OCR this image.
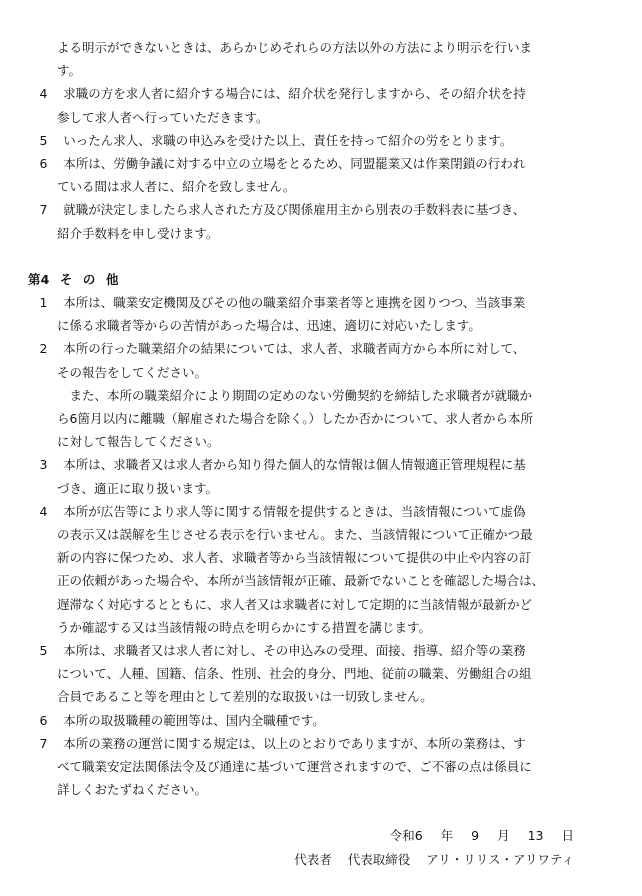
よる明示ができないときは、あらかじめそれらの方法以外の方法により明示を行いま
す。
4	求職の方を求人者に紹介する場合には、紹介状を発行しますから、その紹介状を持
参して求人者へ行っていただきます。
5	いったん求人、求職の申込みを受けた以上、責任を持って紹介の労をとります。
6	本所は、労働争議に対する中立の立場をとるため、同盟罷業又は作業閉鎖の行われ
ている間は求人者に、紹介を致しません。
7	就職が決定しましたら求人された方及び関係雇用主から別表の手数料表に基づき、
紹介手数料を申し受けます。
第4 そ の 他
1	本所は、職業安定機関及びその他の職業紹介事業者等と連携を図りつつ、当該事業
に係る求職者等からの苦情があった場合は、迅速、適切に対応いたします。
2	本所の行った職業紹介の結果については、求人者、求職者両方から本所に対して、
その報告をしてください。
また、本所の職業紹介により期間の定めのない労働契約を締結した求職者が就職か
ら6箇月以内に離職（解雇された場合を除く。）したか否かについて、求人者から本所
に対して報告してください。
3	本所は、求職者又は求人者から知り得た個人的な情報は個人情報適正管理規程に基
づき、適正に取り扱います。
4	本所が広告等により求人等に関する情報を提供するときは、当該情報について虚偽
の表示又は誤解を生じさせる表示を行いません。また、当該情報について正確かつ最
新の内容に保つため、求人者、求職者等から当該情報について提供の中止や内容の訂
正の依頼があった場合や、本所が当該情報が正確、最新でないことを確認した場合は、
遅滞なく対応するとともに、求人者又は求職者に対して定期的に当該情報が最新かど
うか確認する又は当該情報の時点を明らかにする措置を講じます。
5	本所は、求職者又は求人者に対し、その申込みの受理、面接、指導、紹介等の業務
について、人種、国籍、信条、性別、社会的身分、門地、従前の職業、労働組合の組
合員であること等を理由として差別的な取扱いは一切致しません。
6	本所の取扱職種の範囲等は、国内全職種です。
7	本所の業務の運営に関する規定は、以上のとおりでありますが、本所の業務は、す
べて職業安定法関係法令及び通達に基づいて運営されますので、ご不審の点は係員に
詳しくおたずねください。
令和6 年 9 月 13 日
代表者 代表取締役 アリ・リリス・アリワティ
